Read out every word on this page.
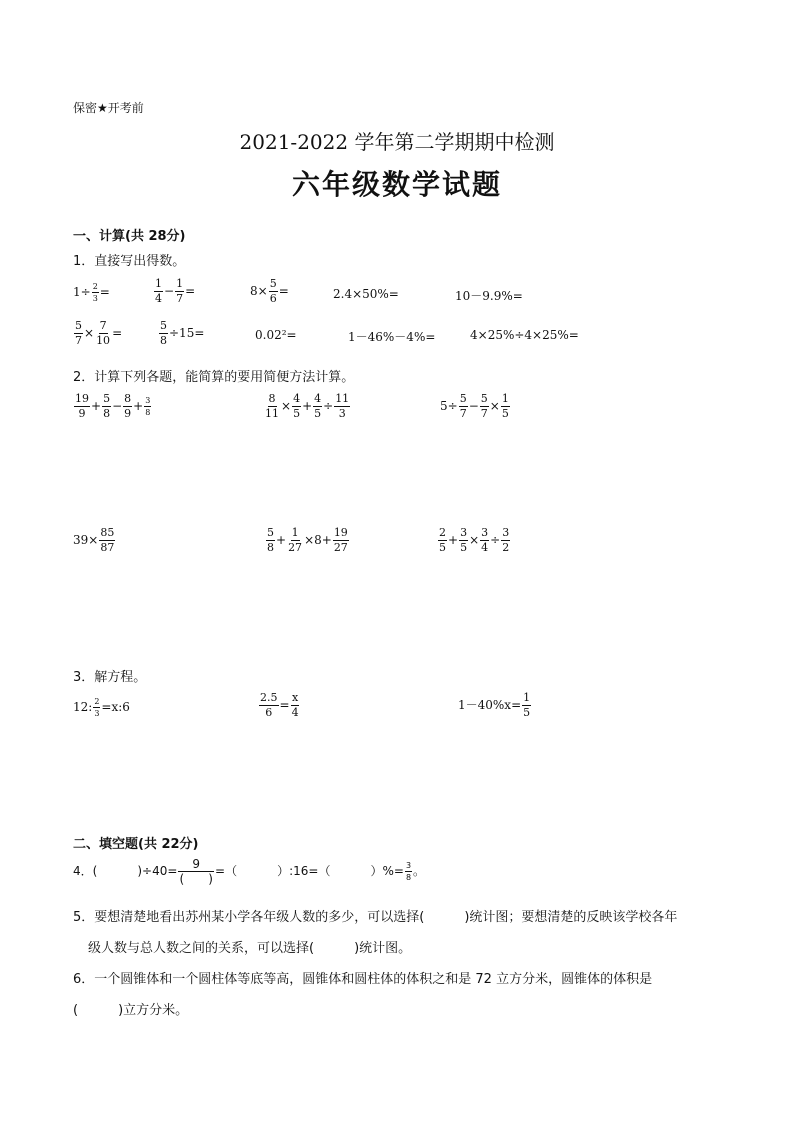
保密★开考前
2021-2022 学年第二学期期中检测
六年级数学试题
一、计算(共 28分)
1．直接写出得数。
$1\div \frac{2}{3}$ =	$\frac{1}{4} - \frac{1}{7}$ =	$8\times \frac{5}{6}$ =	2.4×50%=	10－9.9%=
$\frac{5}{7} \times \frac{7}{10}$ =	$\frac{5}{8} \div 15=$	0.02²=	1－46%－4%=	4×25%÷4×25%=
2．计算下列各题，能简算的要用简便方法计算。
$\frac{19}{9} + \frac{5}{8} - \frac{8}{9} + \frac{3}{8}$	$\frac{8}{11} \times \frac{4}{5} + \frac{4}{5} \div \frac{11}{3}$	$5\div \frac{5}{7} - \frac{5}{7} \times \frac{1}{5}$
$39\times \frac{85}{87}$	$\frac{5}{8} + \frac{1}{27} \times 8+ \frac{19}{27}$	$\frac{2}{5} + \frac{3}{5} \times \frac{3}{4} \div \frac{3}{2}$
3．解方程。
12: $\frac{2}{3}$ =x:6	$\frac{2.5}{6} = \frac{x}{4}$	$1-40\%x= \frac{1}{5}$
二、填空题(共 22分)
4．(	)$\div 40= \frac{9}{( )}$ =（	）:16=（	）%= $\frac{3}{8}$ 。
5．要想清楚地看出苏州某小学各年级人数的多少，可以选择(	)统计图；要想清楚的反映该学校各年
级人数与总人数之间的关系，可以选择(	)统计图。
6．一个圆锥体和一个圆柱体等底等高，圆锥体和圆柱体的体积之和是 72 立方分米，圆锥体的体积是
(	)立方分米。
